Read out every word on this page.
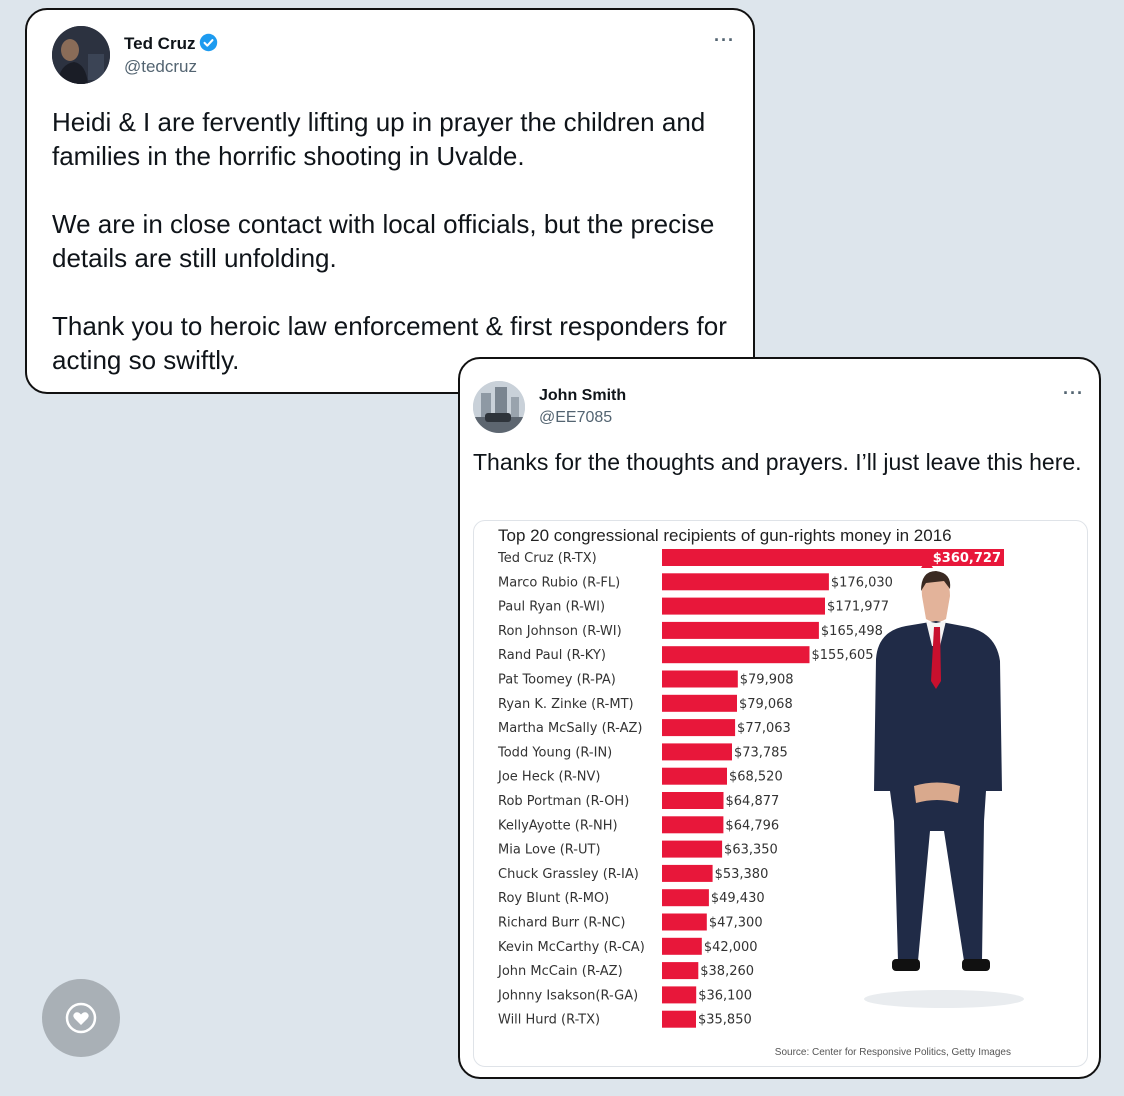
Ted Cruz
@tedcruz
···

Heidi & I are fervently lifting up in prayer the children and families in the horrific shooting in Uvalde.

We are in close contact with local officials, but the precise details are still unfolding.

Thank you to heroic law enforcement & first responders for acting so swiftly.

John Smith
@EE7085
···
Thanks for the thoughts and prayers. I’ll just leave this here.
Ted Cruz (R-TX)	$360,727
Marco Rubio (R-FL)	$176,030
Paul Ryan (R-WI)	$171,977
Ron Johnson (R-WI)	$165,498
Rand Paul (R-KY)	$155,605
Pat Toomey (R-PA)	$79,908
Ryan K. Zinke (R-MT)	$79,068
Martha McSally (R-AZ)	$77,063
Todd Young (R-IN)	$73,785
Joe Heck (R-NV)	$68,520
Rob Portman (R-OH)	$64,877
KellyAyotte (R-NH)	$64,796
Mia Love (R-UT)	$63,350
Chuck Grassley (R-IA)	$53,380
Roy Blunt (R-MO)	$49,430
Richard Burr (R-NC)	$47,300
Kevin McCarthy (R-CA)	$42,000
John McCain (R-AZ)	$38,260
Johnny Isakson(R-GA)	$36,100
Will Hurd (R-TX)	$35,850
Top 20 congressional recipients of gun-rights money in 2016
Source: Center for Responsive Politics, Getty Images
